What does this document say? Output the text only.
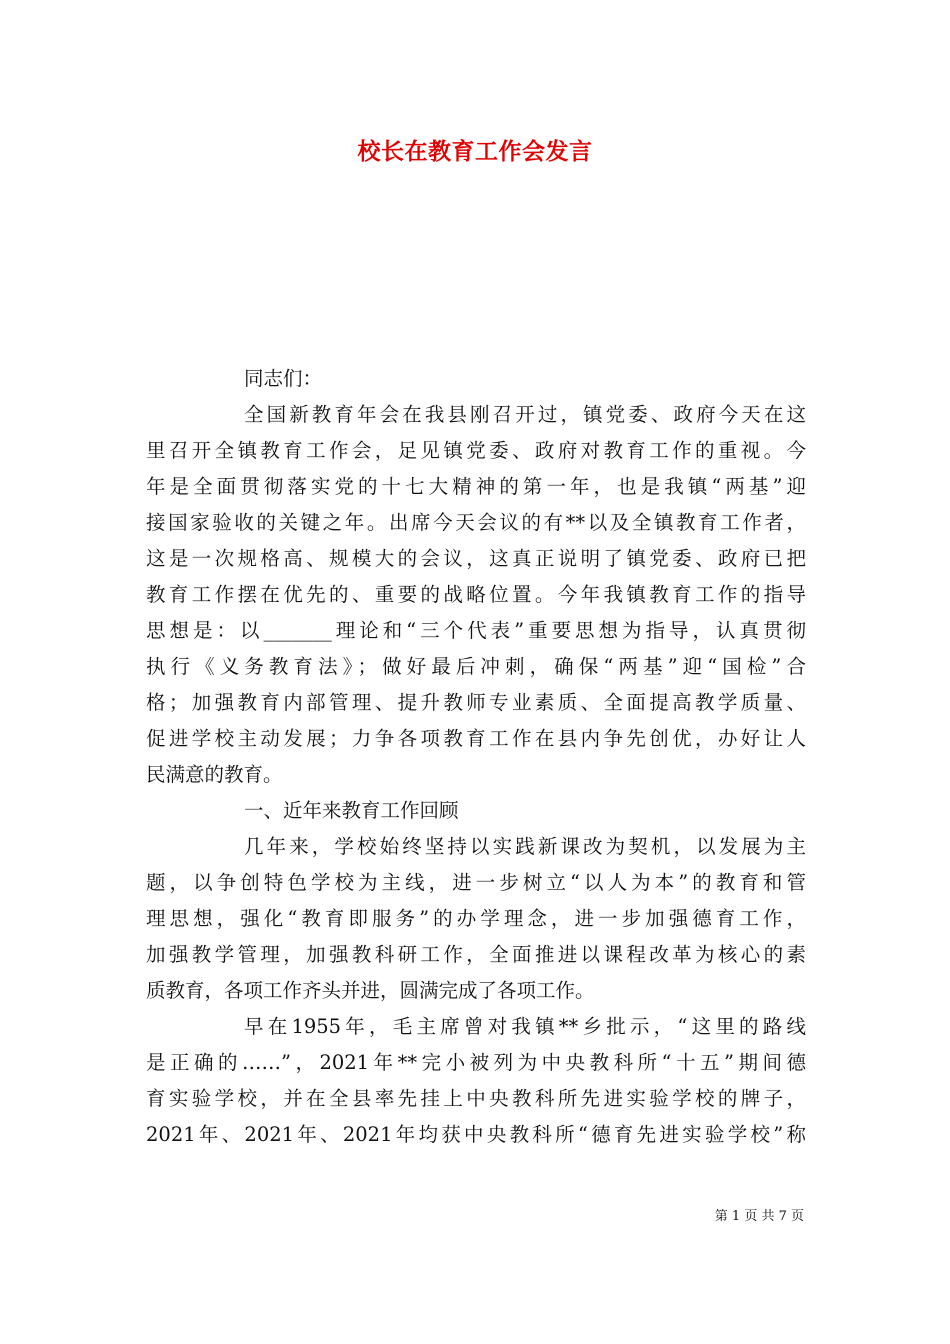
校长在教育工作会发言
同志们：
全国新教育年会在我县刚召开过，镇党委、政府今天在这
里召开全镇教育工作会，足见镇党委、政府对教育工作的重视。今
年是全面贯彻落实党的十七大精神的第一年，也是我镇“两基”迎
接国家验收的关键之年。出席今天会议的有**以及全镇教育工作者，
这是一次规格高、规模大的会议，这真正说明了镇党委、政府已把
教育工作摆在优先的、重要的战略位置。今年我镇教育工作的指导
思想是：以_______理论和“三个代表”重要思想为指导，认真贯彻
执行《义务教育法》；做好最后冲刺，确保“两基”迎“国检”合
格；加强教育内部管理、提升教师专业素质、全面提高教学质量、
促进学校主动发展；力争各项教育工作在县内争先创优，办好让人
民满意的教育。
一、近年来教育工作回顾
几年来，学校始终坚持以实践新课改为契机，以发展为主
题，以争创特色学校为主线，进一步树立“以人为本”的教育和管
理思想，强化“教育即服务”的办学理念，进一步加强德育工作，
加强教学管理，加强教科研工作，全面推进以课程改革为核心的素
质教育，各项工作齐头并进，圆满完成了各项工作。
早在1955年，毛主席曾对我镇**乡批示，“这里的路线
是正确的……”，2021年**完小被列为中央教科所“十五”期间德
育实验学校，并在全县率先挂上中央教科所先进实验学校的牌子，
2021年、2021年、2021年均获中央教科所“德育先进实验学校”称
第 1 页 共 7 页
